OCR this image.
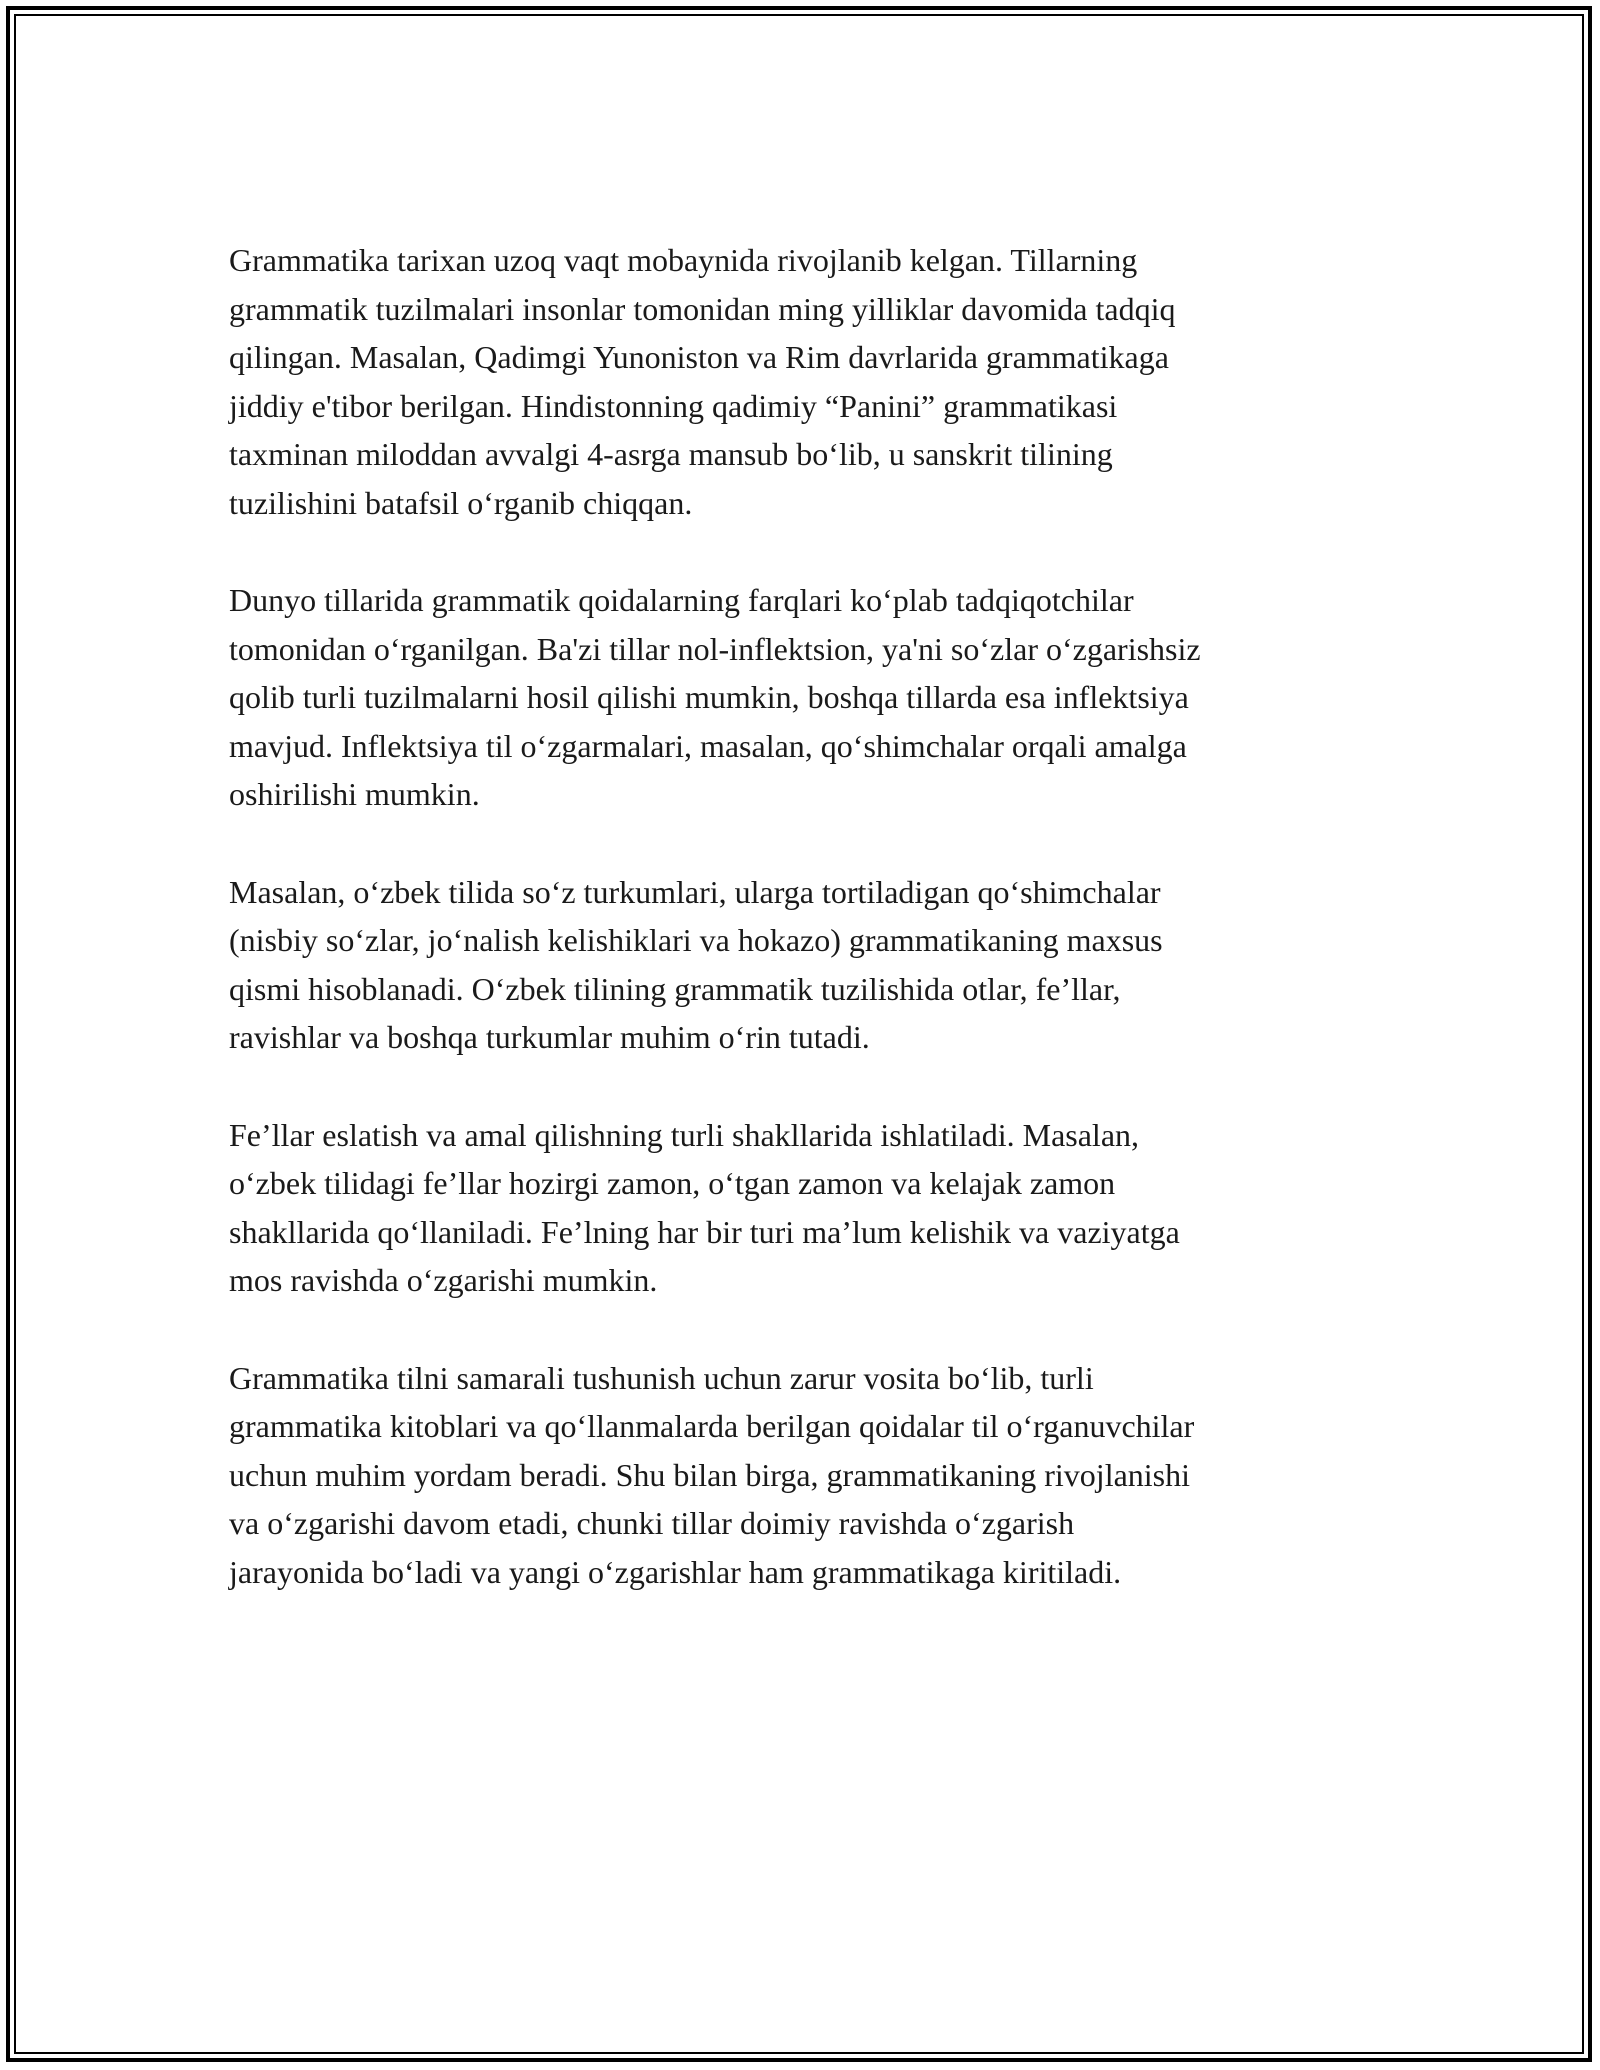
Grammatika tarixan uzoq vaqt mobaynida rivojlanib kelgan. Tillarning
grammatik tuzilmalari insonlar tomonidan ming yilliklar davomida tadqiq
qilingan. Masalan, Qadimgi Yunoniston va Rim davrlarida grammatikaga
jiddiy e'tibor berilgan. Hindistonning qadimiy “Panini” grammatikasi
taxminan miloddan avvalgi 4-asrga mansub boʻlib, u sanskrit tilining
tuzilishini batafsil oʻrganib chiqqan.

Dunyo tillarida grammatik qoidalarning farqlari koʻplab tadqiqotchilar
tomonidan oʻrganilgan. Ba'zi tillar nol-inflektsion, ya'ni soʻzlar oʻzgarishsiz
qolib turli tuzilmalarni hosil qilishi mumkin, boshqa tillarda esa inflektsiya
mavjud. Inflektsiya til oʻzgarmalari, masalan, qoʻshimchalar orqali amalga
oshirilishi mumkin.

Masalan, oʻzbek tilida soʻz turkumlari, ularga tortiladigan qoʻshimchalar
(nisbiy soʻzlar, joʻnalish kelishiklari va hokazo) grammatikaning maxsus
qismi hisoblanadi. Oʻzbek tilining grammatik tuzilishida otlar, fe’llar,
ravishlar va boshqa turkumlar muhim oʻrin tutadi.

Fe’llar eslatish va amal qilishning turli shakllarida ishlatiladi. Masalan,
oʻzbek tilidagi fe’llar hozirgi zamon, oʻtgan zamon va kelajak zamon
shakllarida qoʻllaniladi. Fe’lning har bir turi ma’lum kelishik va vaziyatga
mos ravishda oʻzgarishi mumkin.

Grammatika tilni samarali tushunish uchun zarur vosita boʻlib, turli
grammatika kitoblari va qoʻllanmalarda berilgan qoidalar til oʻrganuvchilar
uchun muhim yordam beradi. Shu bilan birga, grammatikaning rivojlanishi
va oʻzgarishi davom etadi, chunki tillar doimiy ravishda oʻzgarish
jarayonida boʻladi va yangi oʻzgarishlar ham grammatikaga kiritiladi.
